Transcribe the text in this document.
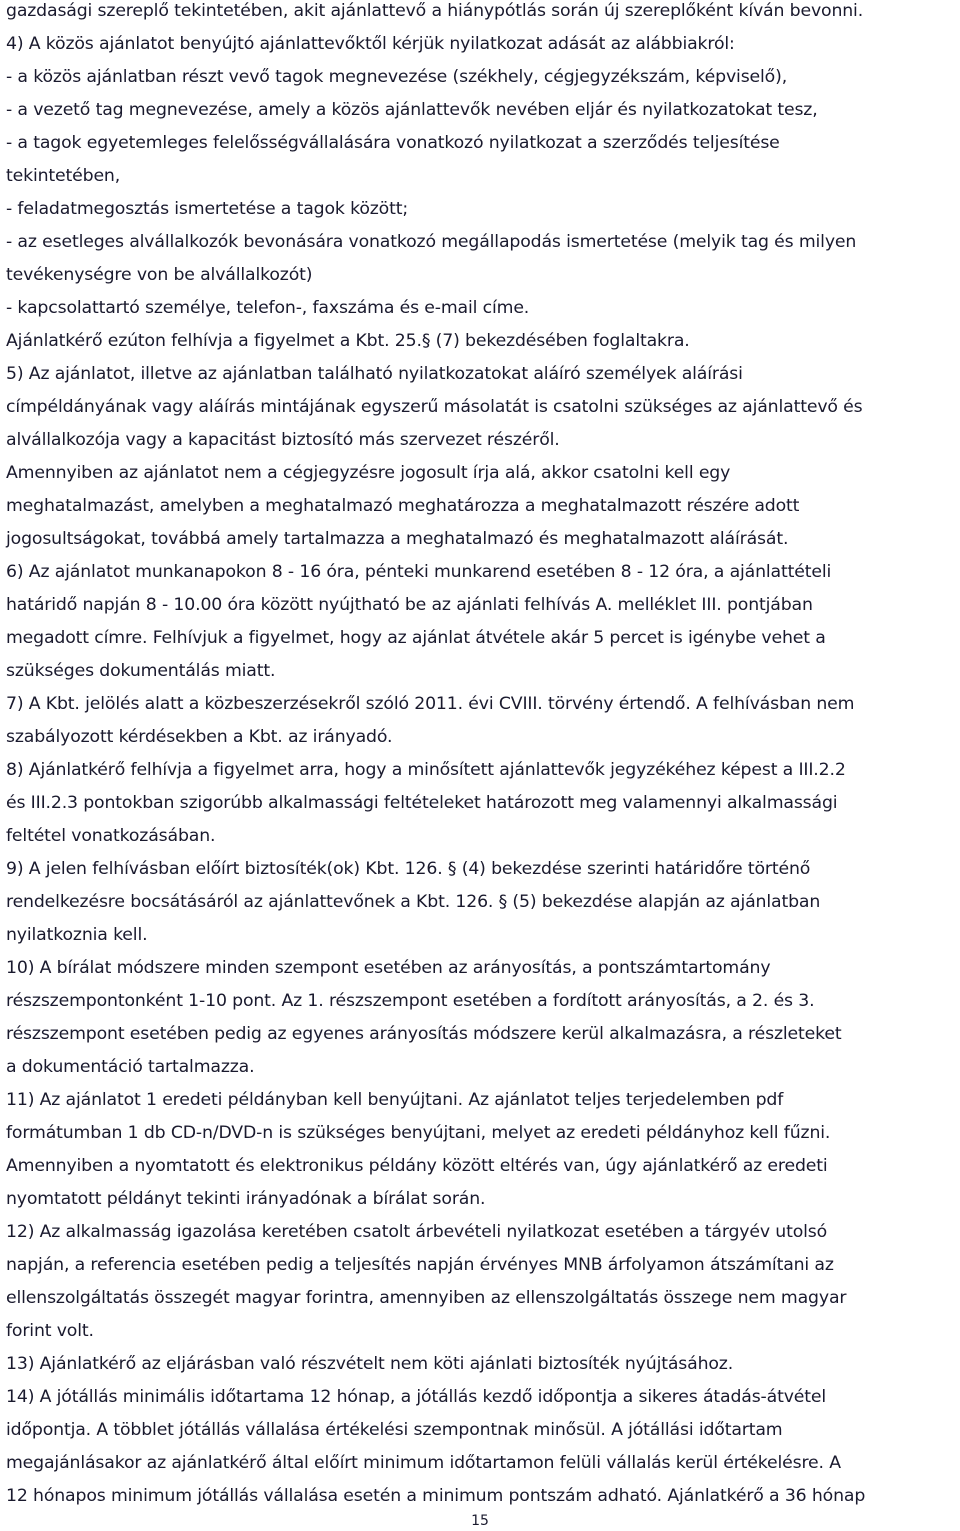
gazdasági szereplő tekintetében, akit ajánlattevő a hiánypótlás során új szereplőként kíván bevonni.
4) A közös ajánlatot benyújtó ajánlattevőktől kérjük nyilatkozat adását az alábbiakról:
- a közös ajánlatban részt vevő tagok megnevezése (székhely, cégjegyzékszám, képviselő),
- a vezető tag megnevezése, amely a közös ajánlattevők nevében eljár és nyilatkozatokat tesz,
- a tagok egyetemleges felelősségvállalására vonatkozó nyilatkozat a szerződés teljesítése
tekintetében,
- feladatmegosztás ismertetése a tagok között;
- az esetleges alvállalkozók bevonására vonatkozó megállapodás ismertetése (melyik tag és milyen
tevékenységre von be alvállalkozót)
- kapcsolattartó személye, telefon-, faxszáma és e-mail címe.
Ajánlatkérő ezúton felhívja a figyelmet a Kbt. 25.§ (7) bekezdésében foglaltakra.
5) Az ajánlatot, illetve az ajánlatban található nyilatkozatokat aláíró személyek aláírási
címpéldányának vagy aláírás mintájának egyszerű másolatát is csatolni szükséges az ajánlattevő és
alvállalkozója vagy a kapacitást biztosító más szervezet részéről.
Amennyiben az ajánlatot nem a cégjegyzésre jogosult írja alá, akkor csatolni kell egy
meghatalmazást, amelyben a meghatalmazó meghatározza a meghatalmazott részére adott
jogosultságokat, továbbá amely tartalmazza a meghatalmazó és meghatalmazott aláírását.
6) Az ajánlatot munkanapokon 8 - 16 óra, pénteki munkarend esetében 8 - 12 óra, a ajánlattételi
határidő napján 8 - 10.00 óra között nyújtható be az ajánlati felhívás A. melléklet III. pontjában
megadott címre. Felhívjuk a figyelmet, hogy az ajánlat átvétele akár 5 percet is igénybe vehet a
szükséges dokumentálás miatt.
7) A Kbt. jelölés alatt a közbeszerzésekről szóló 2011. évi CVIII. törvény értendő. A felhívásban nem
szabályozott kérdésekben a Kbt. az irányadó.
8) Ajánlatkérő felhívja a figyelmet arra, hogy a minősített ajánlattevők jegyzékéhez képest a III.2.2
és III.2.3 pontokban szigorúbb alkalmassági feltételeket határozott meg valamennyi alkalmassági
feltétel vonatkozásában.
9) A jelen felhívásban előírt biztosíték(ok) Kbt. 126. § (4) bekezdése szerinti határidőre történő
rendelkezésre bocsátásáról az ajánlattevőnek a Kbt. 126. § (5) bekezdése alapján az ajánlatban
nyilatkoznia kell.
10) A bírálat módszere minden szempont esetében az arányosítás, a pontszámtartomány
részszempontonként 1-10 pont. Az 1. részszempont esetében a fordított arányosítás, a 2. és 3.
részszempont esetében pedig az egyenes arányosítás módszere kerül alkalmazásra, a részleteket
a dokumentáció tartalmazza.
11) Az ajánlatot 1 eredeti példányban kell benyújtani. Az ajánlatot teljes terjedelemben pdf
formátumban 1 db CD-n/DVD-n is szükséges benyújtani, melyet az eredeti példányhoz kell fűzni.
Amennyiben a nyomtatott és elektronikus példány között eltérés van, úgy ajánlatkérő az eredeti
nyomtatott példányt tekinti irányadónak a bírálat során.
12) Az alkalmasság igazolása keretében csatolt árbevételi nyilatkozat esetében a tárgyév utolsó
napján, a referencia esetében pedig a teljesítés napján érvényes MNB árfolyamon átszámítani az
ellenszolgáltatás összegét magyar forintra, amennyiben az ellenszolgáltatás összege nem magyar
forint volt.
13) Ajánlatkérő az eljárásban való részvételt nem köti ajánlati biztosíték nyújtásához.
14) A jótállás minimális időtartama 12 hónap, a jótállás kezdő időpontja a sikeres átadás-átvétel
időpontja. A többlet jótállás vállalása értékelési szempontnak minősül. A jótállási időtartam
megajánlásakor az ajánlatkérő által előírt minimum időtartamon felüli vállalás kerül értékelésre. A
12 hónapos minimum jótállás vállalása esetén a minimum pontszám adható. Ajánlatkérő a 36 hónap
15
